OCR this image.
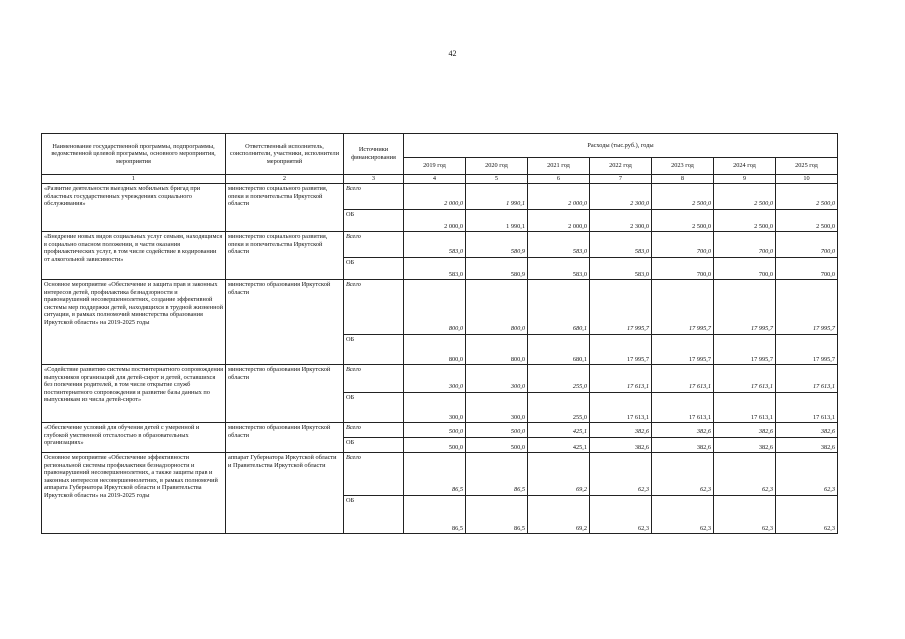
42
Наименование государственной программы, подпрограммы, ведомственной целевой программы, основного мероприятия, мероприятия	Ответственный исполнитель, соисполнители, участники, исполнители мероприятий	Источники финансирования	Расходы (тыс.руб.), годы						
			2019 год	2020 год	2021 год	2022 год	2023 год	2024 год	2025 год
1	2	3	4	5	6	7	8	9	10
«Развитие деятельности выездных мобильных бригад при областных государственных учреждениях социального обслуживания»	министерство социального развития, опеки и попечительства Иркутской области	Всего	2 000,0	1 990,1	2 000,0	2 300,0	2 500,0	2 500,0	2 500,0
		ОБ	2 000,0	1 990,1	2 000,0	2 300,0	2 500,0	2 500,0	2 500,0
«Внедрение новых видов социальных услуг семьям, находящимся в социально опасном положении, в части оказания профилактических услуг, в том числе содействие в кодировании от алкогольной зависимости»	министерство социального развития, опеки и попечительства Иркутской области	Всего	583,0	580,9	583,0	583,0	700,0	700,0	700,0
		ОБ	583,0	580,9	583,0	583,0	700,0	700,0	700,0
Основное мероприятие «Обеспечение и защита прав и законных интересов детей, профилактика безнадзорности и правонарушений несовершеннолетних, создание эффективной системы мер поддержки детей, находящихся в трудной жизненной ситуации, в рамках полномочий министерства образования Иркутской области» на 2019-2025 годы	министерство образования Иркутской области	Всего	800,0	800,0	680,1	17 995,7	17 995,7	17 995,7	17 995,7
		ОБ	800,0	800,0	680,1	17 995,7	17 995,7	17 995,7	17 995,7
«Содействие развитию системы постинтернатного сопровождения выпускников организаций для детей-сирот и детей, оставшихся без попечения родителей, в том числе открытие служб постинтернатного сопровождения и развитие базы данных по выпускникам из числа детей-сирот»	министерство образования Иркутской области	Всего	300,0	300,0	255,0	17 613,1	17 613,1	17 613,1	17 613,1
		ОБ	300,0	300,0	255,0	17 613,1	17 613,1	17 613,1	17 613,1
«Обеспечение условий для обучения детей с умеренной и глубокой умственной отсталостью в образовательных организациях»	министерство образования Иркутской области	Всего	500,0	500,0	425,1	382,6	382,6	382,6	382,6
		ОБ	500,0	500,0	425,1	382,6	382,6	382,6	382,6
Основное мероприятие «Обеспечение эффективности региональной системы профилактики безнадзорности и правонарушений несовершеннолетних, а также защиты прав и законных интересов несовершеннолетних, в рамках полномочий аппарата Губернатора Иркутской области и Правительства Иркутской области» на 2019-2025 годы	аппарат Губернатора Иркутской области и Правительства Иркутской области	Всего	86,5	86,5	69,2	62,3	62,3	62,3	62,3
		ОБ	86,5	86,5	69,2	62,3	62,3	62,3	62,3
